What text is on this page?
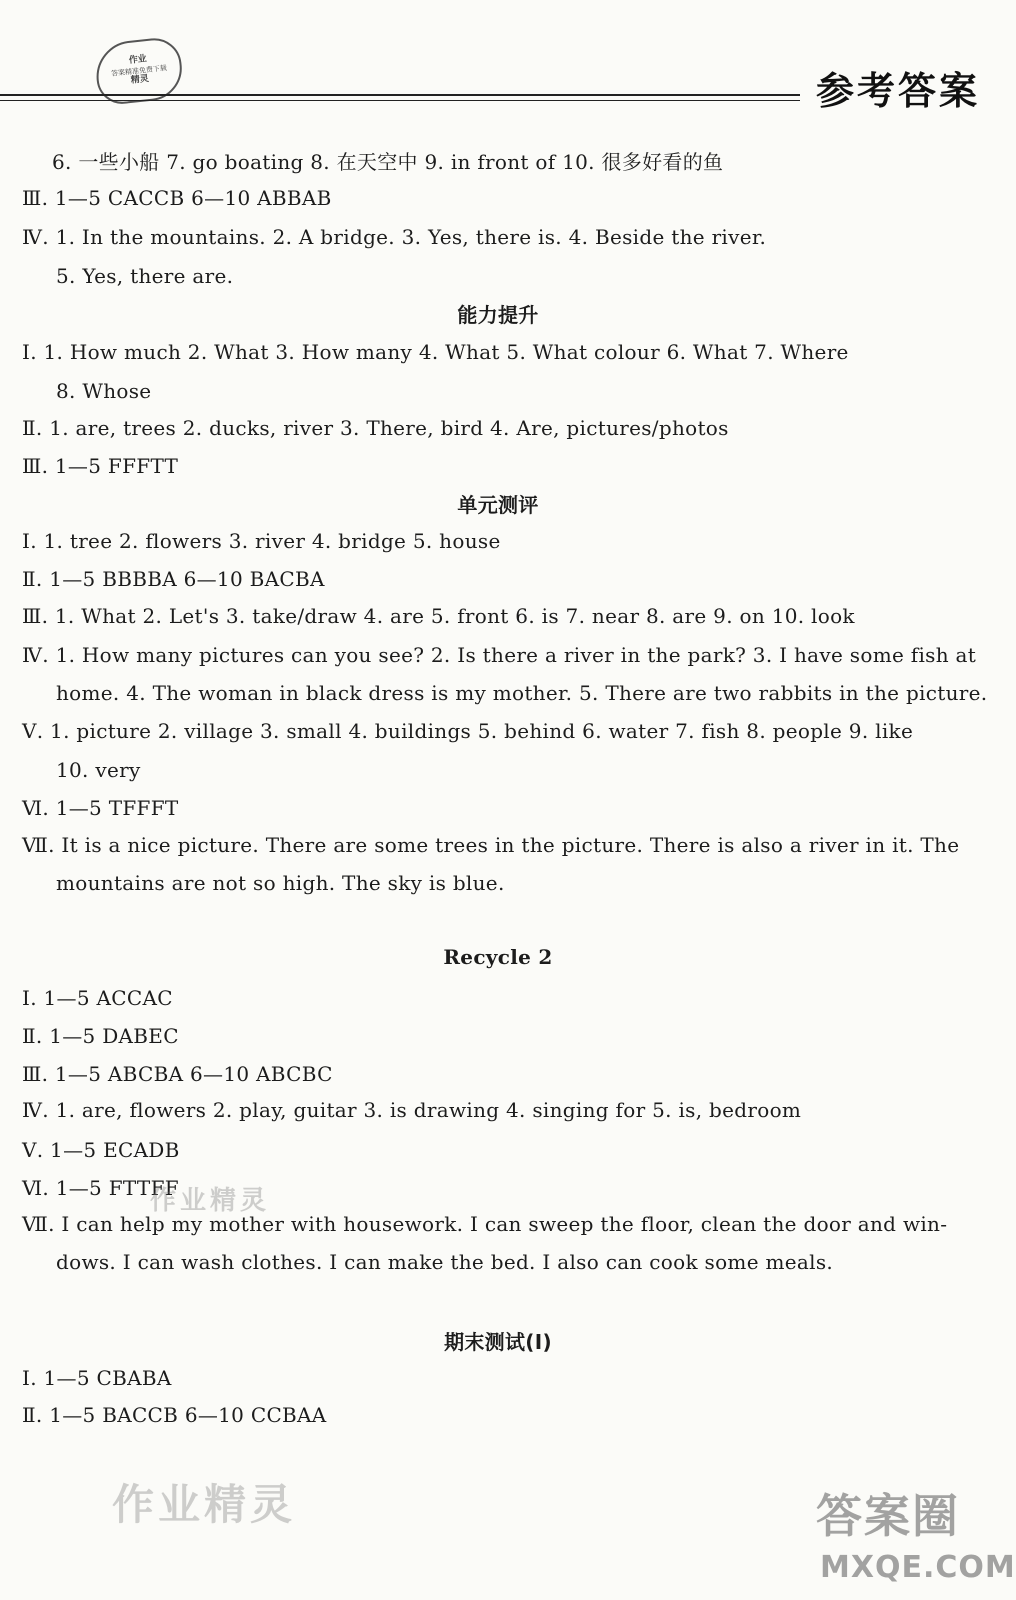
作业
答案精准免费下载
精灵	参考答案
6. 一些小船 7. go boating 8. 在天空中 9. in front of 10. 很多好看的鱼
Ⅲ. 1—5 CACCB 6—10 ABBAB
Ⅳ. 1. In the mountains. 2. A bridge. 3. Yes, there is. 4. Beside the river.
5. Yes, there are.
能力提升
Ⅰ. 1. How much 2. What 3. How many 4. What 5. What colour 6. What 7. Where
8. Whose
Ⅱ. 1. are, trees 2. ducks, river 3. There, bird 4. Are, pictures/photos
Ⅲ. 1—5 FFFTT
单元测评
Ⅰ. 1. tree 2. flowers 3. river 4. bridge 5. house
Ⅱ. 1—5 BBBBA 6—10 BACBA
Ⅲ. 1. What 2. Let's 3. take/draw 4. are 5. front 6. is 7. near 8. are 9. on 10. look
Ⅳ. 1. How many pictures can you see? 2. Is there a river in the park? 3. I have some fish at
home. 4. The woman in black dress is my mother. 5. There are two rabbits in the picture.
Ⅴ. 1. picture 2. village 3. small 4. buildings 5. behind 6. water 7. fish 8. people 9. like
10. very
Ⅵ. 1—5 TFFFT
Ⅶ. It is a nice picture. There are some trees in the picture. There is also a river in it. The
mountains are not so high. The sky is blue.
Recycle 2
Ⅰ. 1—5 ACCAC
Ⅱ. 1—5 DABEC
Ⅲ. 1—5 ABCBA 6—10 ABCBC
Ⅳ. 1. are, flowers 2. play, guitar 3. is drawing 4. singing for 5. is, bedroom
Ⅴ. 1—5 ECADB
Ⅵ. 1—5 FTTFF
Ⅶ. I can help my mother with housework. I can sweep the floor, clean the door and win-
dows. I can wash clothes. I can make the bed. I also can cook some meals.
期末测试(Ⅰ)
Ⅰ. 1—5 CBABA
Ⅱ. 1—5 BACCB 6—10 CCBAA
作业精灵
作业精灵	答案圈
MXQE.COM
